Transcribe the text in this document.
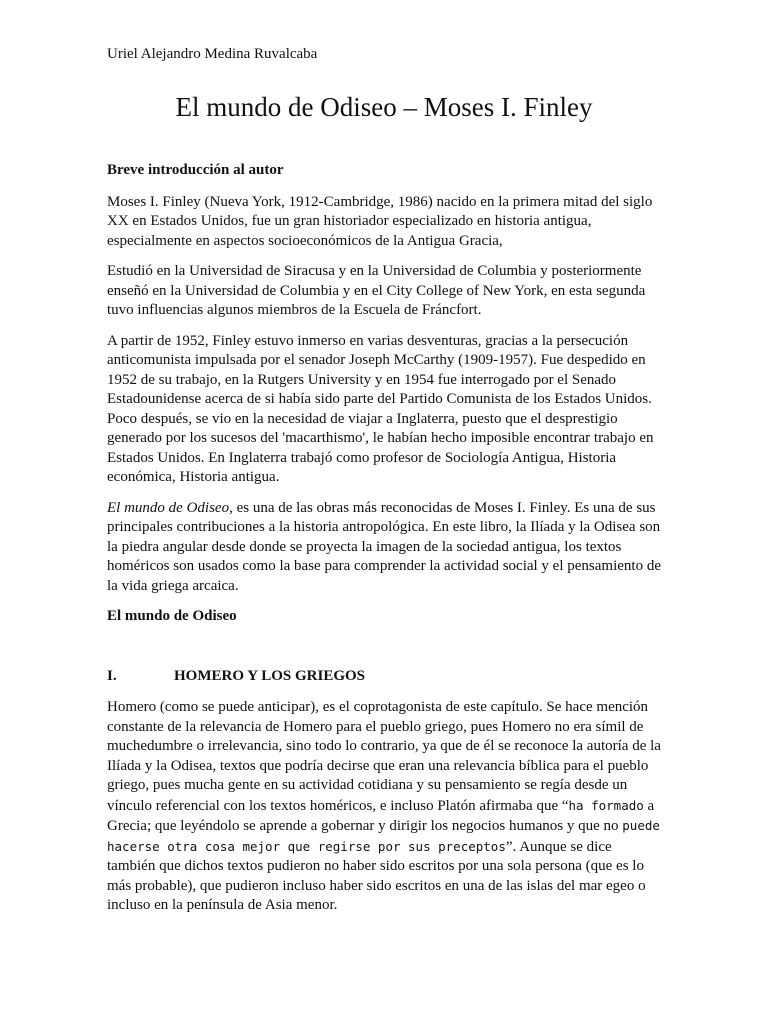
Uriel Alejandro Medina Ruvalcaba

El mundo de Odiseo – Moses I. Finley
Breve introducción al autor

Moses I. Finley (Nueva York, 1912-Cambridge, 1986) nacido en la primera mitad del siglo XX en Estados Unidos, fue un gran historiador especializado en historia antigua, especialmente en aspectos socioeconómicos de la Antigua Gracia,

Estudió en la Universidad de Siracusa y en la Universidad de Columbia y posteriormente enseñó en la Universidad de Columbia y en el City College of New York, en esta segunda tuvo influencias algunos miembros de la Escuela de Fráncfort.

A partir de 1952, Finley estuvo inmerso en varias desventuras, gracias a la persecución anticomunista impulsada por el senador Joseph McCarthy (1909-1957). Fue despedido en 1952 de su trabajo, en la Rutgers University y en 1954 fue interrogado por el Senado Estadounidense acerca de si había sido parte del Partido Comunista de los Estados Unidos. Poco después, se vio en la necesidad de viajar a Inglaterra, puesto que el desprestigio generado por los sucesos del 'macarthismo', le habían hecho imposible encontrar trabajo en Estados Unidos. En Inglaterra trabajó como profesor de Sociología Antigua, Historia económica, Historia antigua.

El mundo de Odiseo, es una de las obras más reconocidas de Moses I. Finley. Es una de sus principales contribuciones a la historia antropológica. En este libro, la Ilíada y la Odisea son la piedra angular desde donde se proyecta la imagen de la sociedad antigua, los textos homéricos son usados como la base para comprender la actividad social y el pensamiento de la vida griega arcaica.

El mundo de Odiseo
I.	HOMERO Y LOS GRIEGOS

Homero (como se puede anticipar), es el coprotagonista de este capítulo. Se hace mención constante de la relevancia de Homero para el pueblo griego, pues Homero no era símil de muchedumbre o irrelevancia, sino todo lo contrario, ya que de él se reconoce la autoría de la Ilíada y la Odisea, textos que podría decirse que eran una relevancia bíblica para el pueblo griego, pues mucha gente en su actividad cotidiana y su pensamiento se regía desde un vínculo referencial con los textos homéricos, e incluso Platón afirmaba que “ha formado a Grecia; que leyéndolo se aprende a gobernar y dirigir los negocios humanos y que no puede hacerse otra cosa mejor que regirse por sus preceptos”. Aunque se dice también que dichos textos pudieron no haber sido escritos por una sola persona (que es lo más probable), que pudieron incluso haber sido escritos en una de las islas del mar egeo o incluso en la península de Asia menor.
